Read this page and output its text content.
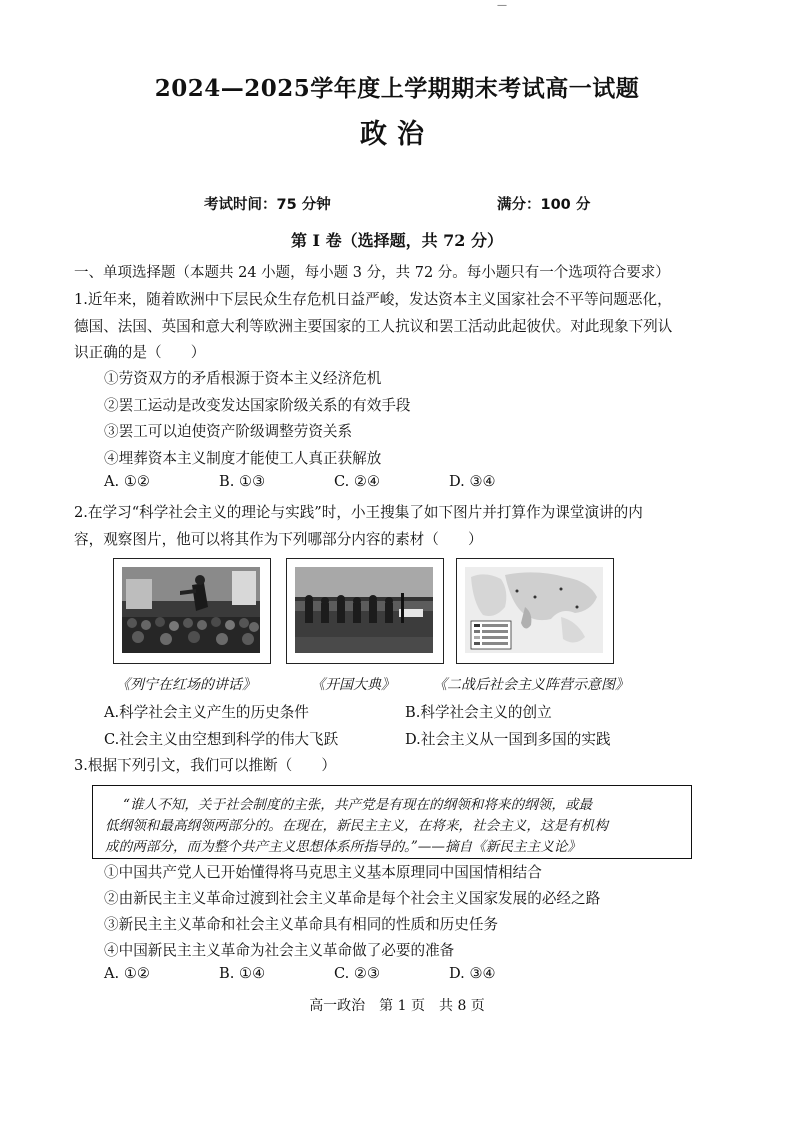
—
2024—2025学年度上学期期末考试高一试题
政治
考试时间：75 分钟	满分：100 分
第 Ⅰ 卷（选择题，共 72 分）
一、单项选择题（本题共 24 小题，每小题 3 分，共 72 分。每小题只有一个选项符合要求）
1.近年来，随着欧洲中下层民众生存危机日益严峻，发达资本主义国家社会不平等问题恶化，
德国、法国、英国和意大利等欧洲主要国家的工人抗议和罢工活动此起彼伏。对此现象下列认
识正确的是（　　）
①劳资双方的矛盾根源于资本主义经济危机
②罢工运动是改变发达国家阶级关系的有效手段
③罢工可以迫使资产阶级调整劳资关系
④埋葬资本主义制度才能使工人真正获解放
A. ①②	B. ①③	C. ②④	D. ③④
2.在学习“科学社会主义的理论与实践”时，小王搜集了如下图片并打算作为课堂演讲的内
容，观察图片，他可以将其作为下列哪部分内容的素材（　　）
《列宁在红场的讲话》	《开国大典》	《二战后社会主义阵营示意图》
A.科学社会主义产生的历史条件	B.科学社会主义的创立
C.社会主义由空想到科学的伟大飞跃	D.社会主义从一国到多国的实践
3.根据下列引文，我们可以推断（　　）
“谁人不知，关于社会制度的主张，共产党是有现在的纲领和将来的纲领，或最
低纲领和最高纲领两部分的。在现在，新民主主义，在将来，社会主义，这是有机构
成的两部分，而为整个共产主义思想体系所指导的。”——摘自《新民主主义论》
①中国共产党人已开始懂得将马克思主义基本原理同中国国情相结合
②由新民主主义革命过渡到社会主义革命是每个社会主义国家发展的必经之路
③新民主主义革命和社会主义革命具有相同的性质和历史任务
④中国新民主主义革命为社会主义革命做了必要的准备
A. ①②	B. ①④	C. ②③	D. ③④
高一政治　第 1 页　共 8 页
